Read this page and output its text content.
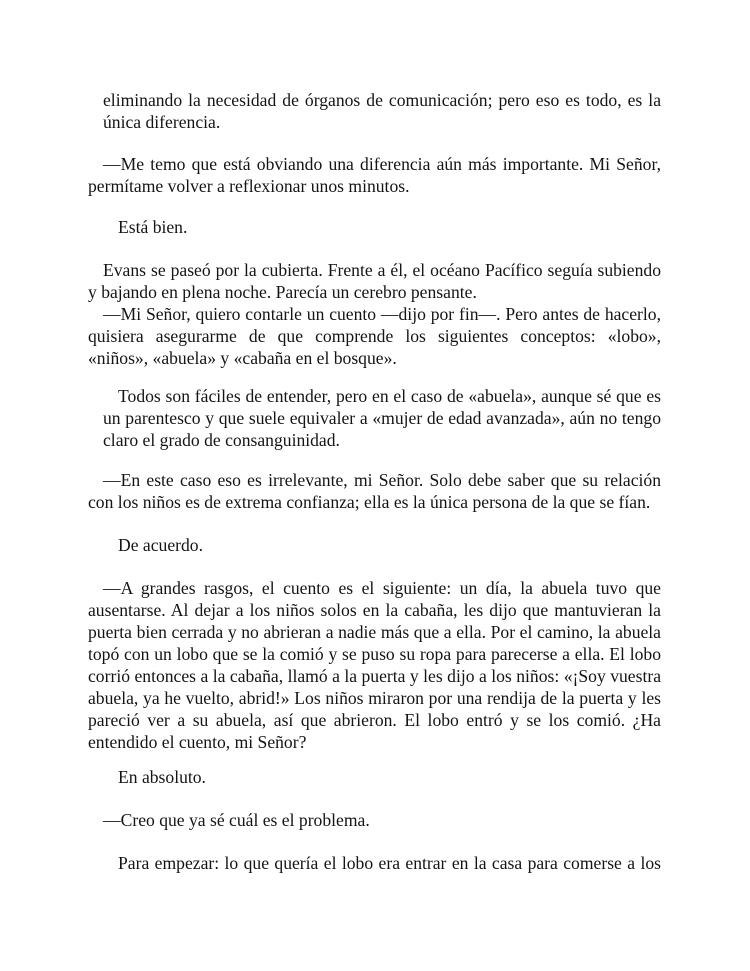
eliminando la necesidad de órganos de comunicación; pero eso es todo, es la única diferencia.

—Me temo que está obviando una diferencia aún más importante. Mi Señor, permítame volver a reflexionar unos minutos.

Está bien.

Evans se paseó por la cubierta. Frente a él, el océano Pacífico seguía subiendo y bajando en plena noche. Parecía un cerebro pensante.

—Mi Señor, quiero contarle un cuento —dijo por fin—. Pero antes de hacerlo, quisiera asegurarme de que comprende los siguientes conceptos: «lobo», «niños», «abuela» y «cabaña en el bosque».

Todos son fáciles de entender, pero en el caso de «abuela», aunque sé que es un parentesco y que suele equivaler a «mujer de edad avanzada», aún no tengo claro el grado de consanguinidad.

—En este caso eso es irrelevante, mi Señor. Solo debe saber que su relación con los niños es de extrema confianza; ella es la única persona de la que se fían.

De acuerdo.

—A grandes rasgos, el cuento es el siguiente: un día, la abuela tuvo que ausentarse. Al dejar a los niños solos en la cabaña, les dijo que mantuvieran la puerta bien cerrada y no abrieran a nadie más que a ella. Por el camino, la abuela topó con un lobo que se la comió y se puso su ropa para parecerse a ella. El lobo corrió entonces a la cabaña, llamó a la puerta y les dijo a los niños: «¡Soy vuestra abuela, ya he vuelto, abrid!» Los niños miraron por una rendija de la puerta y les pareció ver a su abuela, así que abrieron. El lobo entró y se los comió. ¿Ha entendido el cuento, mi Señor?

En absoluto.

—Creo que ya sé cuál es el problema.

Para empezar: lo que quería el lobo era entrar en la casa para comerse a los
